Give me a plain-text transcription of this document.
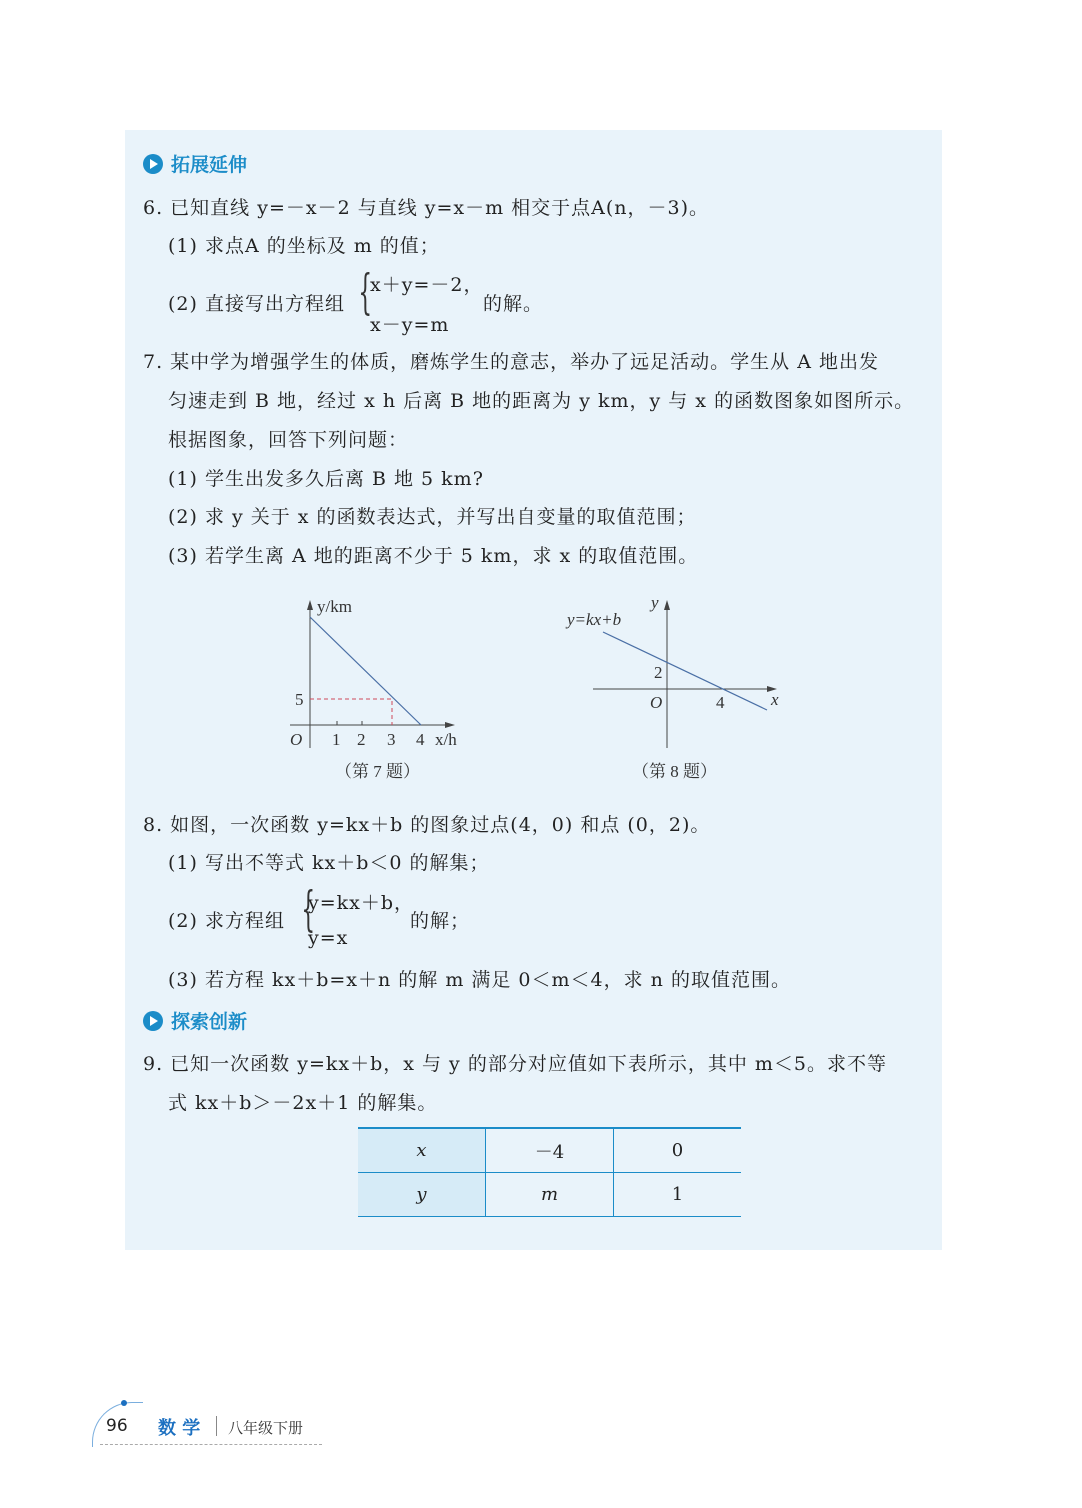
拓展延伸
6. 已知直线 y=－x－2 与直线 y=x－m 相交于点A(n，－3)。
(1) 求点A 的坐标及 m 的值；
(2) 直接写出方程组 {
x＋y=－2，
x－y=m
的解。
7. 某中学为增强学生的体质，磨炼学生的意志，举办了远足活动。学生从 A 地出发
匀速走到 B 地，经过 x h 后离 B 地的距离为 y km，y 与 x 的函数图象如图所示。
根据图象，回答下列问题：
(1) 学生出发多久后离 B 地 5 km?
(2) 求 y 关于 x 的函数表达式，并写出自变量的取值范围；
(3) 若学生离 A 地的距离不少于 5 km，求 x 的取值范围。
y/km
5
O 1 2 3 4 x/h
（第 7 题）
y=kx+b
y
2
O	4	x
（第 8 题）
8. 如图，一次函数 y=kx＋b 的图象过点(4，0) 和点 (0，2)。
(1) 写出不等式 kx＋b＜0 的解集；
(2) 求方程组 {
y=kx＋b，
y=x
的解；
(3) 若方程 kx＋b=x＋n 的解 m 满足 0＜m＜4，求 n 的取值范围。
探索创新
9. 已知一次函数 y=kx＋b，x 与 y 的部分对应值如下表所示，其中 m＜5。求不等
式 kx＋b＞－2x＋1 的解集。
x	－4	0
y	m	1
96 数 学 八年级下册
